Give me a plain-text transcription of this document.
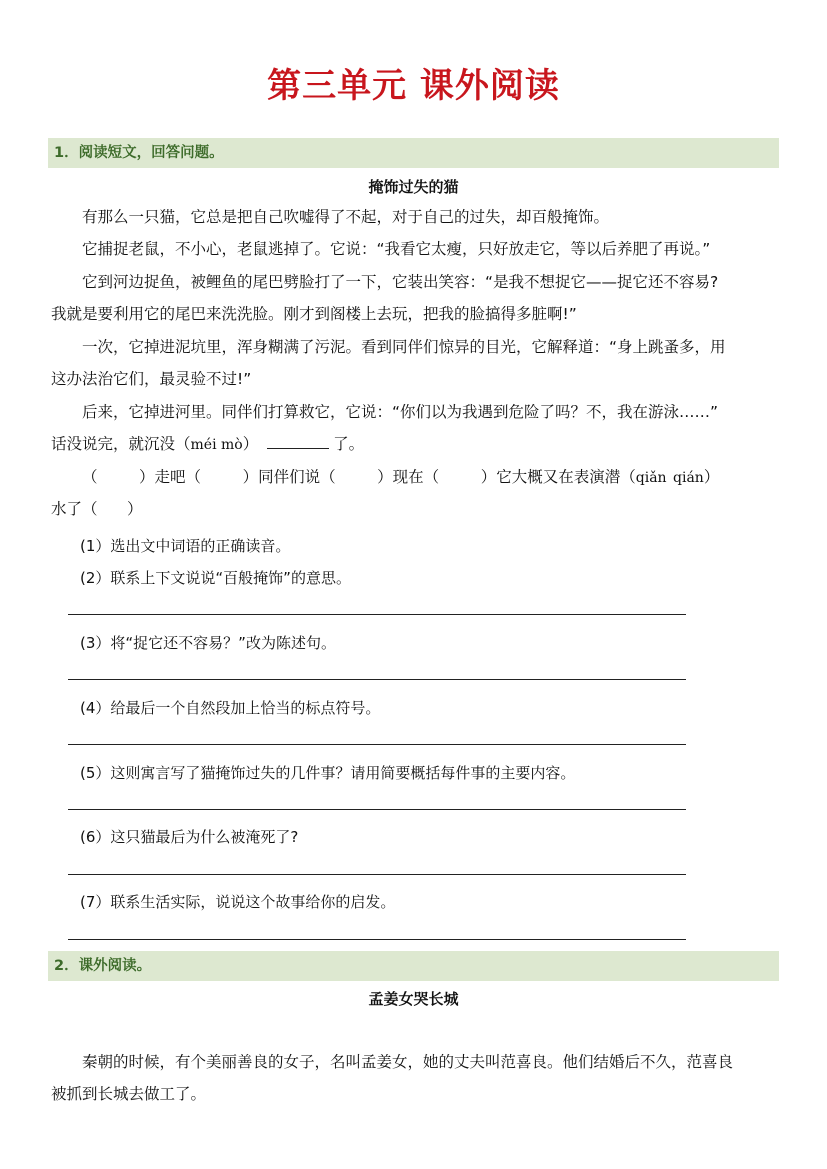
第三单元 课外阅读
1．阅读短文，回答问题。
掩饰过失的猫
有那么一只猫，它总是把自己吹嘘得了不起，对于自己的过失，却百般掩饰。
它捕捉老鼠，不小心，老鼠逃掉了。它说：“我看它太瘦，只好放走它，等以后养肥了再说。”
它到河边捉鱼，被鲤鱼的尾巴劈脸打了一下，它装出笑容：“是我不想捉它——捉它还不容易?
我就是要利用它的尾巴来洗洗脸。刚才到阁楼上去玩，把我的脸搞得多脏啊!”
一次，它掉进泥坑里，浑身糊满了污泥。看到同伴们惊异的目光，它解释道：“身上跳蚤多，用
这办法治它们，最灵验不过!”
后来，它掉进河里。同伴们打算救它，它说：“你们以为我遇到危险了吗？不，我在游泳……”
话没说完，就沉没（méi mò）	了。
（      ）走吧（      ）同伴们说（      ）现在（      ）它大概又在表演潜（qiǎn qián）
水了（      ）
(1）选出文中词语的正确读音。
(2）联系上下文说说“百般掩饰”的意思。
(3）将“捉它还不容易？”改为陈述句。
(4）给最后一个自然段加上恰当的标点符号。
(5）这则寓言写了猫掩饰过失的几件事？请用简要概括每件事的主要内容。
(6）这只猫最后为什么被淹死了?
(7）联系生活实际，说说这个故事给你的启发。
2．课外阅读。
孟姜女哭长城
秦朝的时候，有个美丽善良的女子，名叫孟姜女，她的丈夫叫范喜良。他们结婚后不久，范喜良
被抓到长城去做工了。
